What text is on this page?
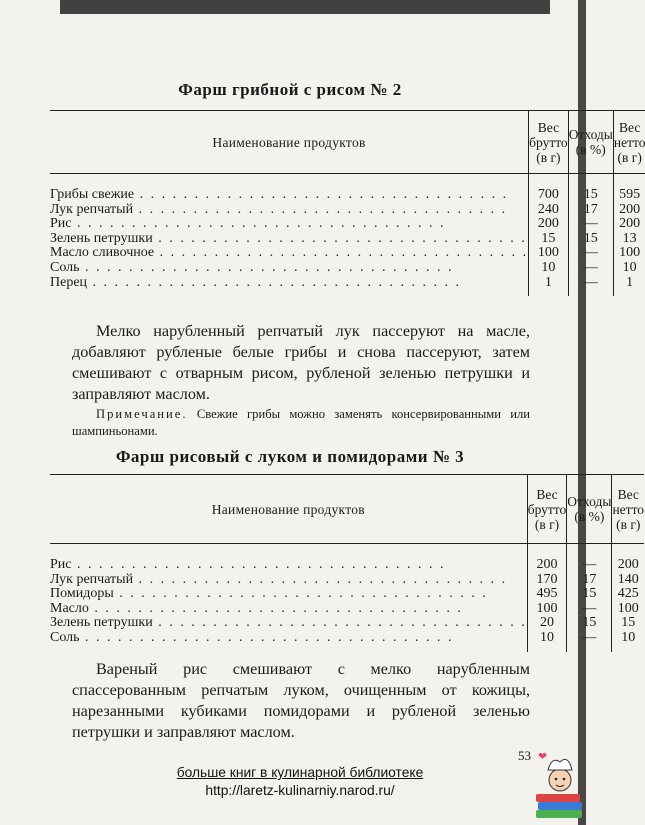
Фарш грибной с рисом № 2
Наименование продуктов	Вес брутто (в г)	Отходы (в %)	Вес нетто (в г)
Грибы свежие . . .	700	15	595
Лук репчатый . . .	240	17	200
Рис . . .	200	—	200
Зелень петрушки . . .	15	15	13
Масло сливочное . . .	100	—	100
Соль . . .	10	—	10
Перец . . .	1	—	1

Мелко нарубленный репчатый лук пассеруют на масле, добавляют рубленые белые грибы и снова пассеруют, затем смешивают с отварным рисом, рубленой зеленью петрушки и заправляют маслом.

Примечание. Свежие грибы можно заменять консервированными или шампиньонами.

Фарш рисовый с луком и помидорами № 3
Наименование продуктов	Вес брутто (в г)	Отходы (в %)	Вес нетто (в г)
Рис . . .	200	—	200
Лук репчатый . . .	170	17	140
Помидоры . . .	495	15	425
Масло . . .	100	—	100
Зелень петрушки . . .	20	15	15
Соль . . .	10	—	10

Вареный рис смешивают с мелко нарубленным спассерованным репчатым луком, очищенным от кожицы, нарезанными кубиками помидорами и рубленой зеленью петрушки и заправляют маслом.

53 ❤
больше книг в кулинарной библиотеке
http://laretz-kulinarniy.narod.ru/
